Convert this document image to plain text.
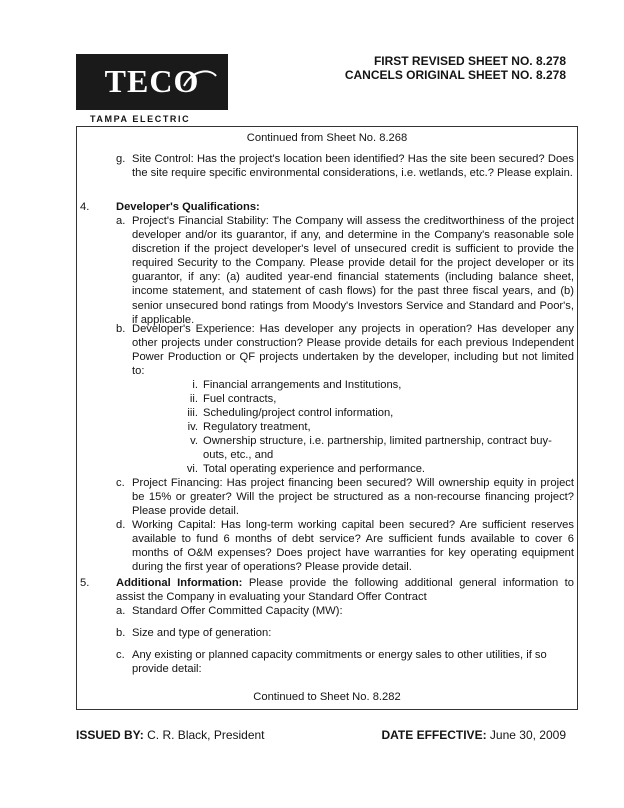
TECO
TAMPA ELECTRIC
FIRST REVISED SHEET NO. 8.278
CANCELS ORIGINAL SHEET NO. 8.278
Continued from Sheet No. 8.268
g. Site Control: Has the project's location been identified? Has the site been secured? Does the site require specific environmental considerations, i.e. wetlands, etc.? Please explain.
4. Developer's Qualifications:
a. Project's Financial Stability: The Company will assess the creditworthiness of the project developer and/or its guarantor, if any, and determine in the Company's reasonable sole discretion if the project developer's level of unsecured credit is sufficient to provide the required Security to the Company. Please provide detail for the project developer or its guarantor, if any: (a) audited year-end financial statements (including balance sheet, income statement, and statement of cash flows) for the past three fiscal years, and (b) senior unsecured bond ratings from Moody's Investors Service and Standard and Poor's, if applicable.
b. Developer's Experience: Has developer any projects in operation? Has developer any other projects under construction? Please provide details for each previous Independent Power Production or QF projects undertaken by the developer, including but not limited to:
i. Financial arrangements and Institutions,
ii. Fuel contracts,
iii. Scheduling/project control information,
iv. Regulatory treatment,
v. Ownership structure, i.e. partnership, limited partnership, contract buy-outs, etc., and
vi. Total operating experience and performance.
c. Project Financing: Has project financing been secured? Will ownership equity in project be 15% or greater? Will the project be structured as a non-recourse financing project? Please provide detail.
d. Working Capital: Has long-term working capital been secured? Are sufficient reserves available to fund 6 months of debt service? Are sufficient funds available to cover 6 months of O&M expenses? Does project have warranties for key operating equipment during the first year of operations? Please provide detail.
5. Additional Information: Please provide the following additional general information to assist the Company in evaluating your Standard Offer Contract
a. Standard Offer Committed Capacity (MW):
b. Size and type of generation:
c. Any existing or planned capacity commitments or energy sales to other utilities, if so provide detail:
Continued to Sheet No. 8.282
ISSUED BY: C. R. Black, President	DATE EFFECTIVE: June 30, 2009
